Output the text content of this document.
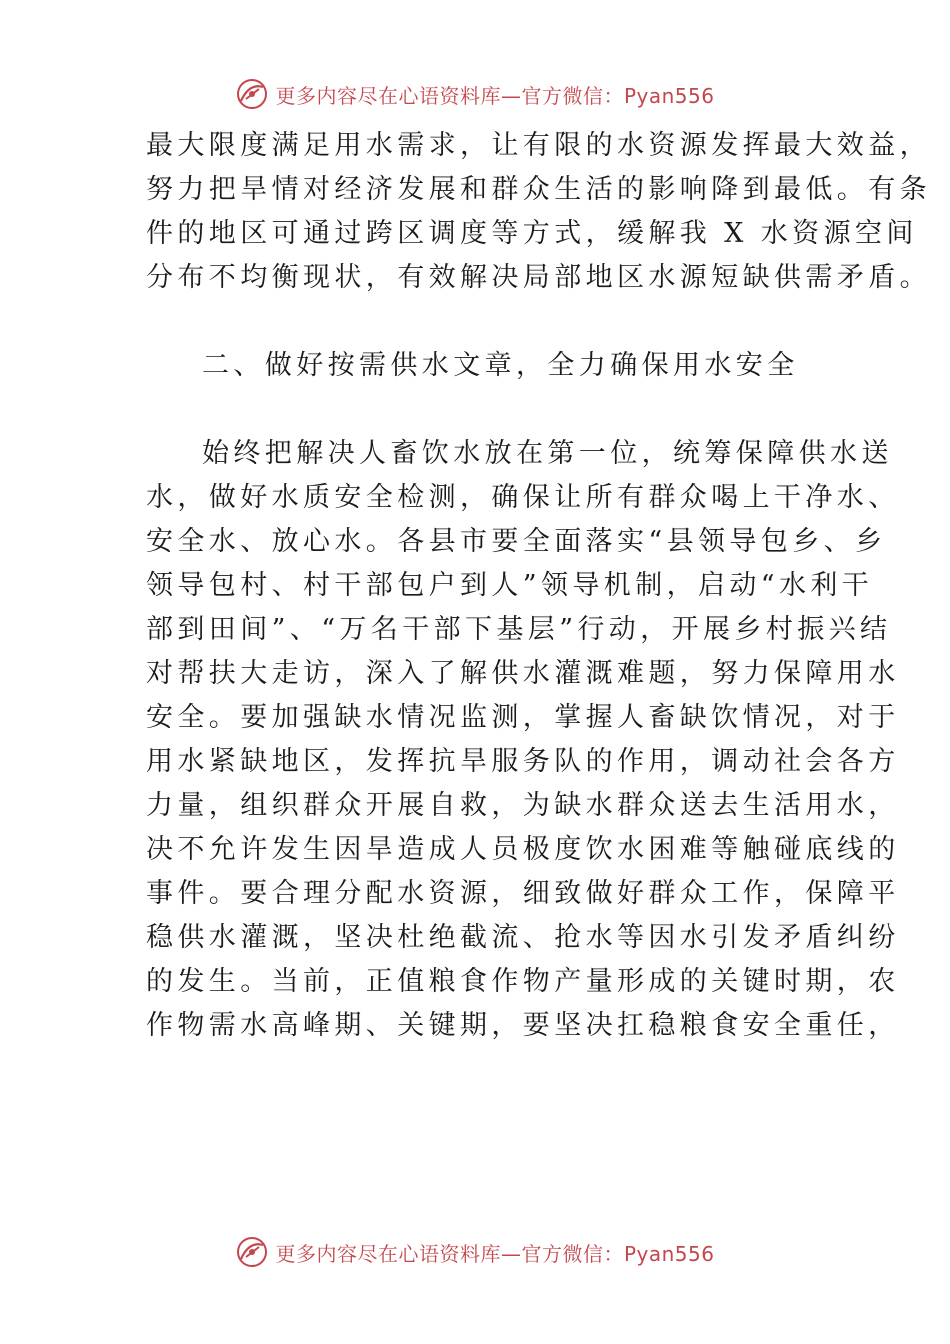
更多内容尽在心语资料库—官方微信：Pyan556
最大限度满足用水需求，让有限的水资源发挥最大效益，
努力把旱情对经济发展和群众生活的影响降到最低。有条
件的地区可通过跨区调度等方式，缓解我 X 水资源空间
分布不均衡现状，有效解决局部地区水源短缺供需矛盾。
二、做好按需供水文章，全力确保用水安全
始终把解决人畜饮水放在第一位，统筹保障供水送
水，做好水质安全检测，确保让所有群众喝上干净水、
安全水、放心水。各县市要全面落实“县领导包乡、乡
领导包村、村干部包户到人”领导机制，启动“水利干
部到田间”、“万名干部下基层”行动，开展乡村振兴结
对帮扶大走访，深入了解供水灌溉难题，努力保障用水
安全。要加强缺水情况监测，掌握人畜缺饮情况，对于
用水紧缺地区，发挥抗旱服务队的作用，调动社会各方
力量，组织群众开展自救，为缺水群众送去生活用水，
决不允许发生因旱造成人员极度饮水困难等触碰底线的
事件。要合理分配水资源，细致做好群众工作，保障平
稳供水灌溉，坚决杜绝截流、抢水等因水引发矛盾纠纷
的发生。当前，正值粮食作物产量形成的关键时期，农
作物需水高峰期、关键期，要坚决扛稳粮食安全重任，
更多内容尽在心语资料库—官方微信：Pyan556
